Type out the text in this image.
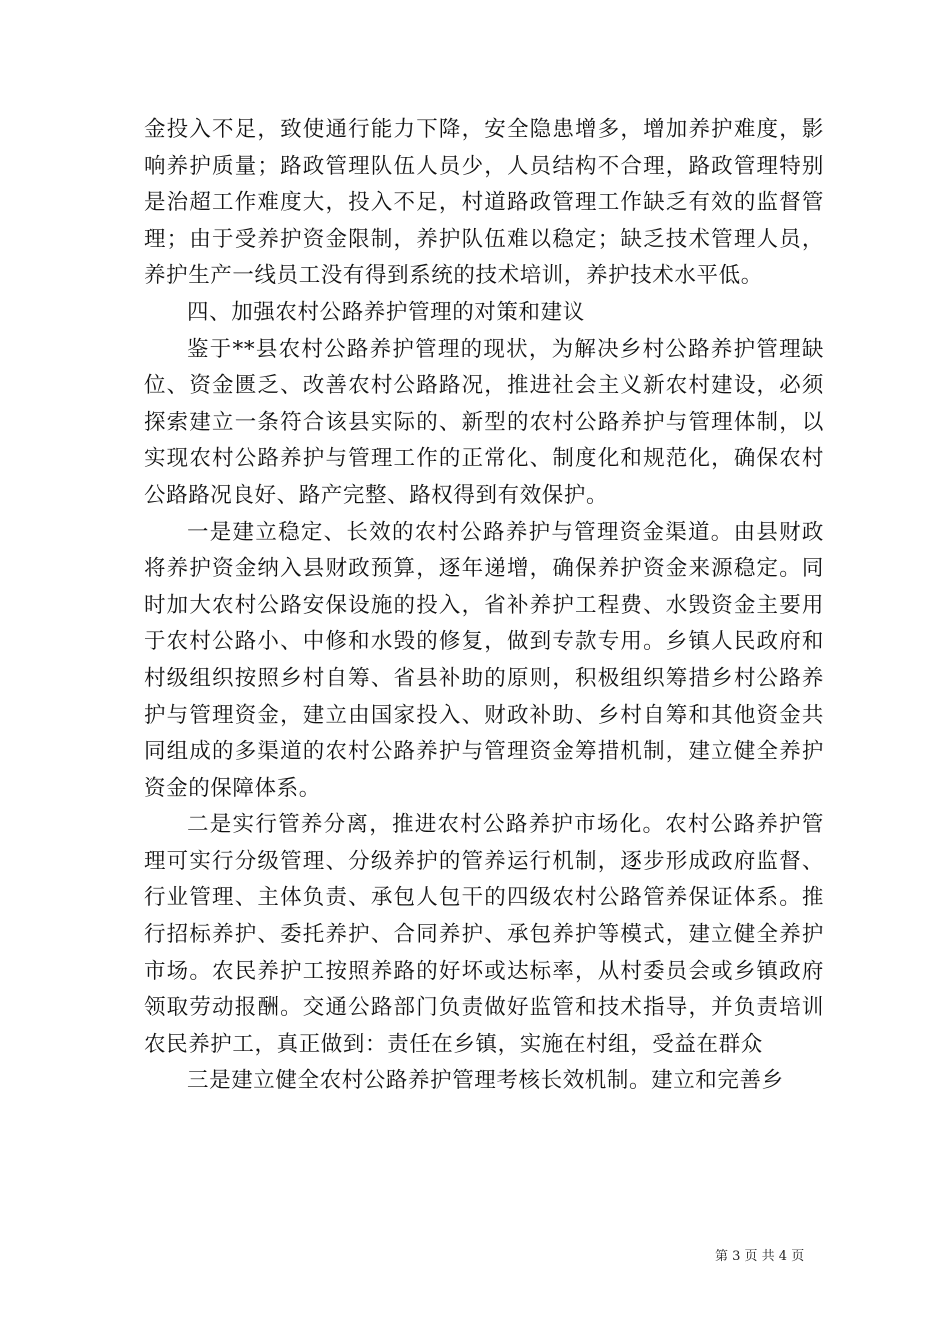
金投入不足，致使通行能力下降，安全隐患增多，增加养护难度，影响养护质量；路政管理队伍人员少，人员结构不合理，路政管理特别是治超工作难度大，投入不足，村道路政管理工作缺乏有效的监督管理；由于受养护资金限制，养护队伍难以稳定；缺乏技术管理人员，养护生产一线员工没有得到系统的技术培训，养护技术水平低。

四、加强农村公路养护管理的对策和建议

鉴于**县农村公路养护管理的现状，为解决乡村公路养护管理缺位、资金匮乏、改善农村公路路况，推进社会主义新农村建设，必须探索建立一条符合该县实际的、新型的农村公路养护与管理体制，以实现农村公路养护与管理工作的正常化、制度化和规范化，确保农村公路路况良好、路产完整、路权得到有效保护。

一是建立稳定、长效的农村公路养护与管理资金渠道。由县财政将养护资金纳入县财政预算，逐年递增，确保养护资金来源稳定。同时加大农村公路安保设施的投入，省补养护工程费、水毁资金主要用于农村公路小、中修和水毁的修复，做到专款专用。乡镇人民政府和村级组织按照乡村自筹、省县补助的原则，积极组织筹措乡村公路养护与管理资金，建立由国家投入、财政补助、乡村自筹和其他资金共同组成的多渠道的农村公路养护与管理资金筹措机制，建立健全养护资金的保障体系。

二是实行管养分离，推进农村公路养护市场化。农村公路养护管理可实行分级管理、分级养护的管养运行机制，逐步形成政府监督、行业管理、主体负责、承包人包干的四级农村公路管养保证体系。推行招标养护、委托养护、合同养护、承包养护等模式，建立健全养护市场。农民养护工按照养路的好坏或达标率，从村委员会或乡镇政府领取劳动报酬。交通公路部门负责做好监管和技术指导，并负责培训农民养护工，真正做到：责任在乡镇，实施在村组，受益在群众

三是建立健全农村公路养护管理考核长效机制。建立和完善乡

第 3 页 共 4 页
